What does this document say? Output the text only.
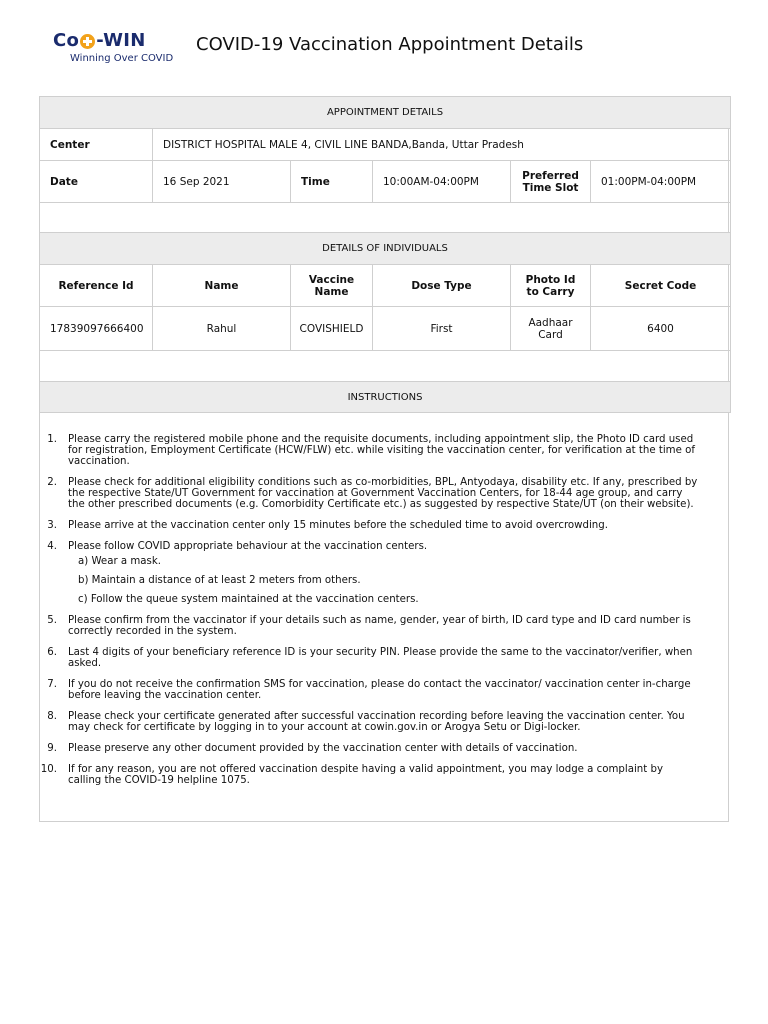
Co -WIN
Winning Over COVID
COVID-19 Vaccination Appointment Details
APPOINTMENT DETAILS					
Center	DISTRICT HOSPITAL MALE 4, CIVIL LINE BANDA,Banda, Uttar Pradesh				
Date	16 Sep 2021	Time	10:00AM-04:00PM	Preferred Time Slot	01:00PM-04:00PM

DETAILS OF INDIVIDUALS					
Reference Id	Name	Vaccine Name	Dose Type	Photo Id to Carry	Secret Code
17839097666400	Rahul	COVISHIELD	First	Aadhaar Card	6400

INSTRUCTIONS					
1. Please carry the registered mobile phone and the requisite documents, including appointment slip, the Photo ID card used for registration, Employment Certificate (HCW/FLW) etc. while visiting the vaccination center, for verification at the time of vaccination.
2. Please check for additional eligibility conditions such as co-morbidities, BPL, Antyodaya, disability etc. If any, prescribed by the respective State/UT Government for vaccination at Government Vaccination Centers, for 18-44 age group, and carry the other prescribed documents (e.g. Comorbidity Certificate etc.) as suggested by respective State/UT (on their website).
3. Please arrive at the vaccination center only 15 minutes before the scheduled time to avoid overcrowding.
4. Please follow COVID appropriate behaviour at the vaccination centers.
a) Wear a mask.
b) Maintain a distance of at least 2 meters from others.
c) Follow the queue system maintained at the vaccination centers.
5. Please confirm from the vaccinator if your details such as name, gender, year of birth, ID card type and ID card number is correctly recorded in the system.
6. Last 4 digits of your beneficiary reference ID is your security PIN. Please provide the same to the vaccinator/verifier, when asked.
7. If you do not receive the confirmation SMS for vaccination, please do contact the vaccinator/ vaccination center in-charge before leaving the vaccination center.
8. Please check your certificate generated after successful vaccination recording before leaving the vaccination center. You may check for certificate by logging in to your account at cowin.gov.in or Arogya Setu or Digi-locker.
9. Please preserve any other document provided by the vaccination center with details of vaccination.
10. If for any reason, you are not offered vaccination despite having a valid appointment, you may lodge a complaint by calling the COVID-19 helpline 1075.
